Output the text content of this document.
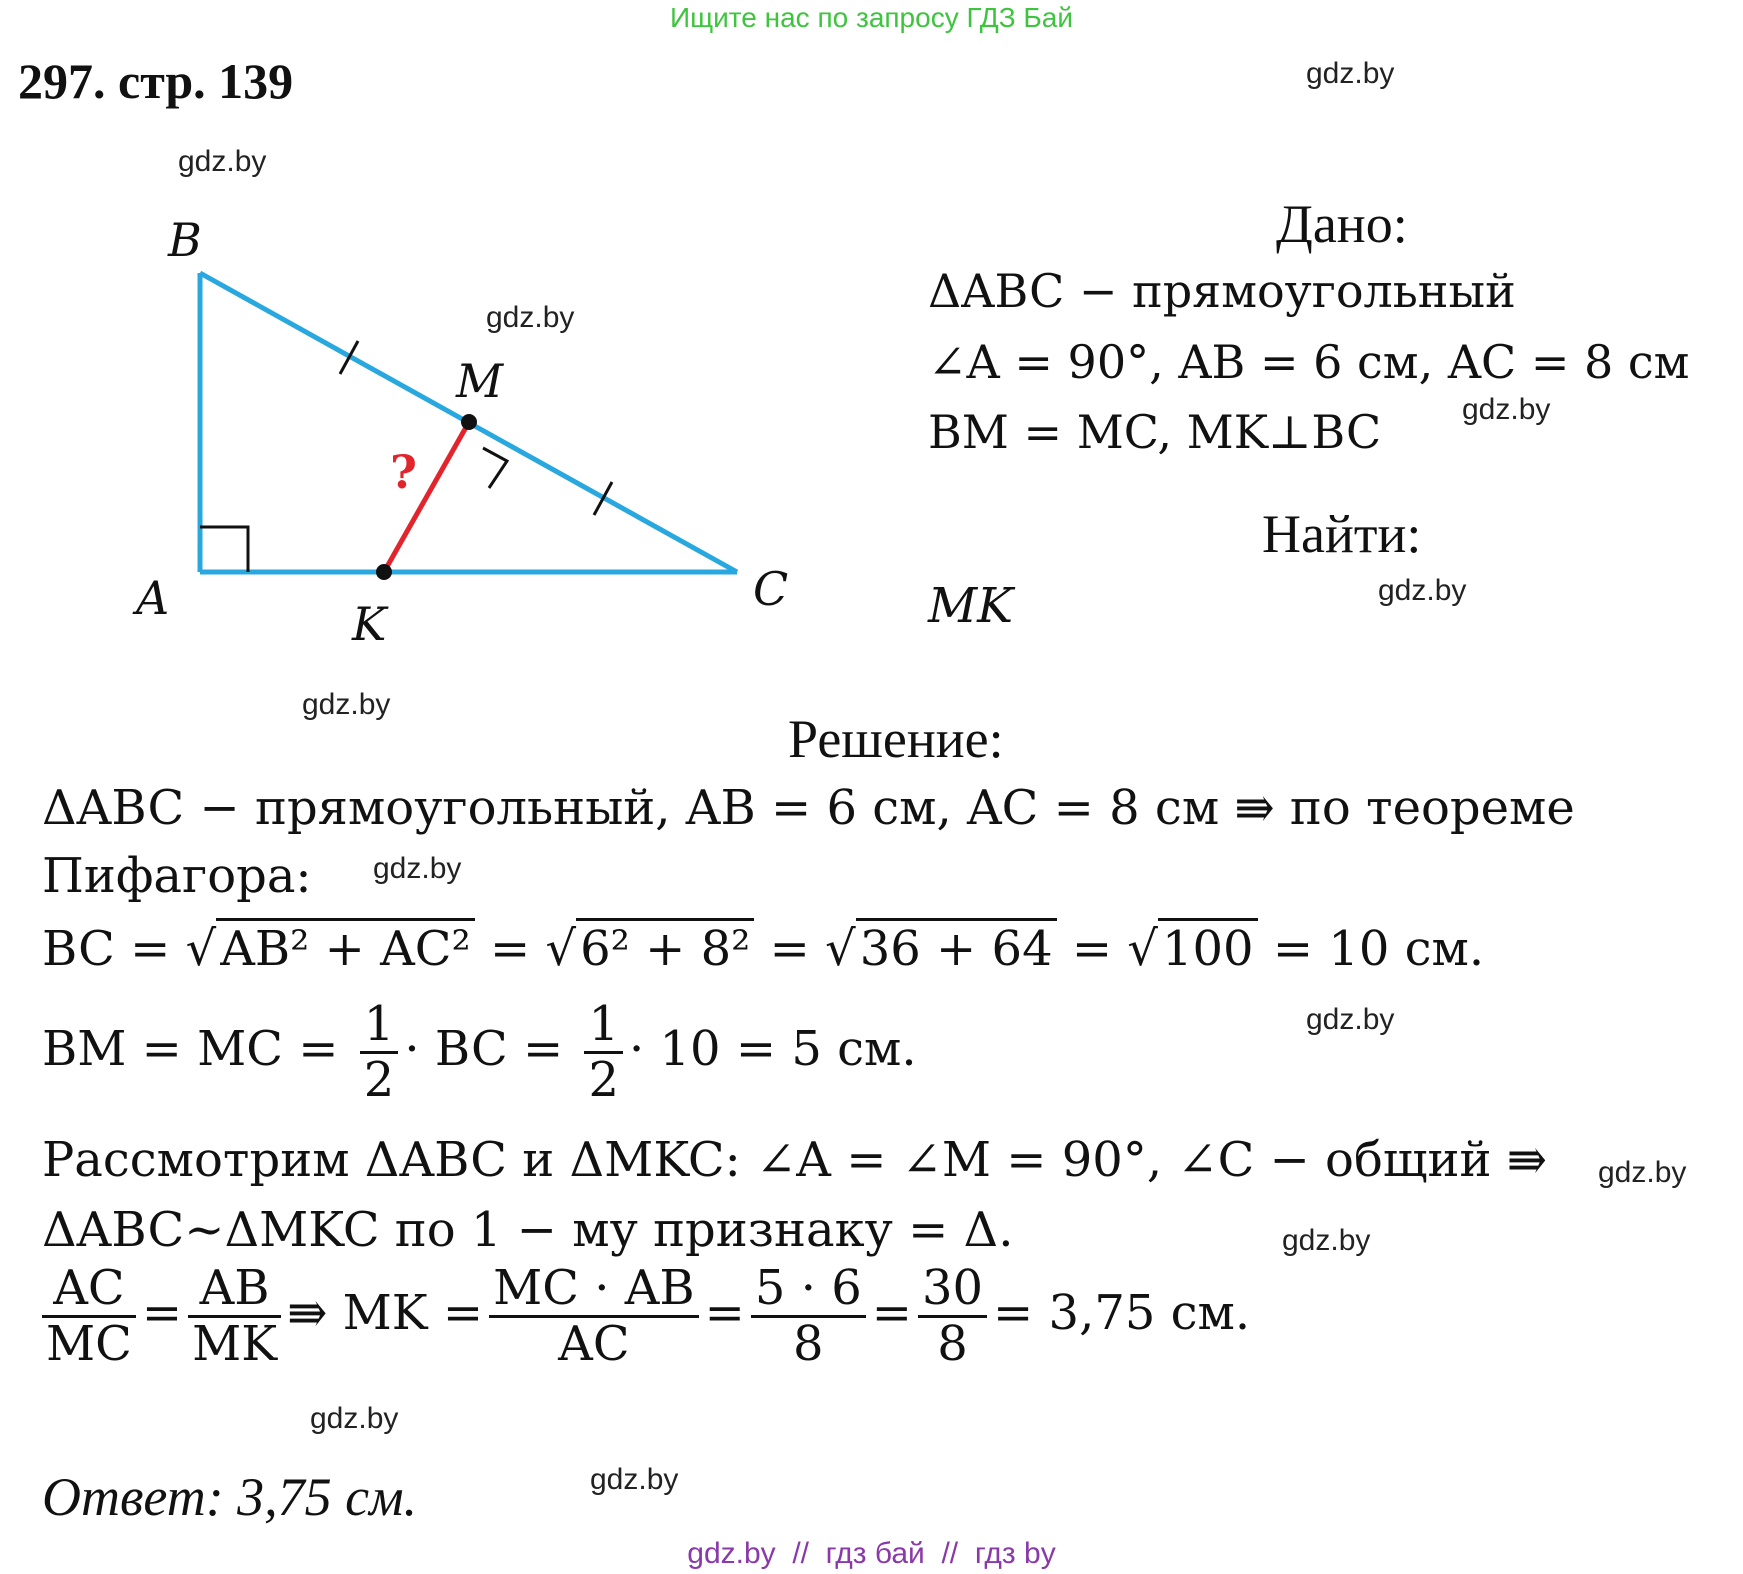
Ищите нас по запросу ГДЗ Бай
297. стр. 139
B
A	C
M
K
?
Дано:
ΔABC − прямоугольный
∠A = 90°, AB = 6 см, AC = 8 см
BM = MC, MK⊥BC
Найти:
MK
Решение:
ΔABC − прямоугольный, AB = 6 см, AC = 8 см ⇛ по теореме
Пифагора:
BC = √AB² + AC² = √6² + 8² = √36 + 64 = √100 = 10 см.
BM = MC = $\frac{1}{2}$ · BC = $\frac{1}{2} \cdot 10 = 5$ см.
Рассмотрим ΔABC и ΔMKC: ∠A = ∠M = 90°, ∠C − общий ⇛
ΔABC~ΔMKC по 1 − му признаку = Δ.
$\frac{AC}{MC} = \frac{AB}{MK}$ ⇛ MK = $\frac{MC \cdot AB}{AC} = \frac{5 \cdot 6}{8} = \frac{30}{8} = 3,75$ см.
Ответ: 3,75 см.
gdz.by
gdz.by
gdz.by
gdz.by
gdz.by
gdz.by
gdz.by
gdz.by
gdz.by
gdz.by
gdz.by
gdz.by
gdz.by  //  гдз бай  //  гдз by
